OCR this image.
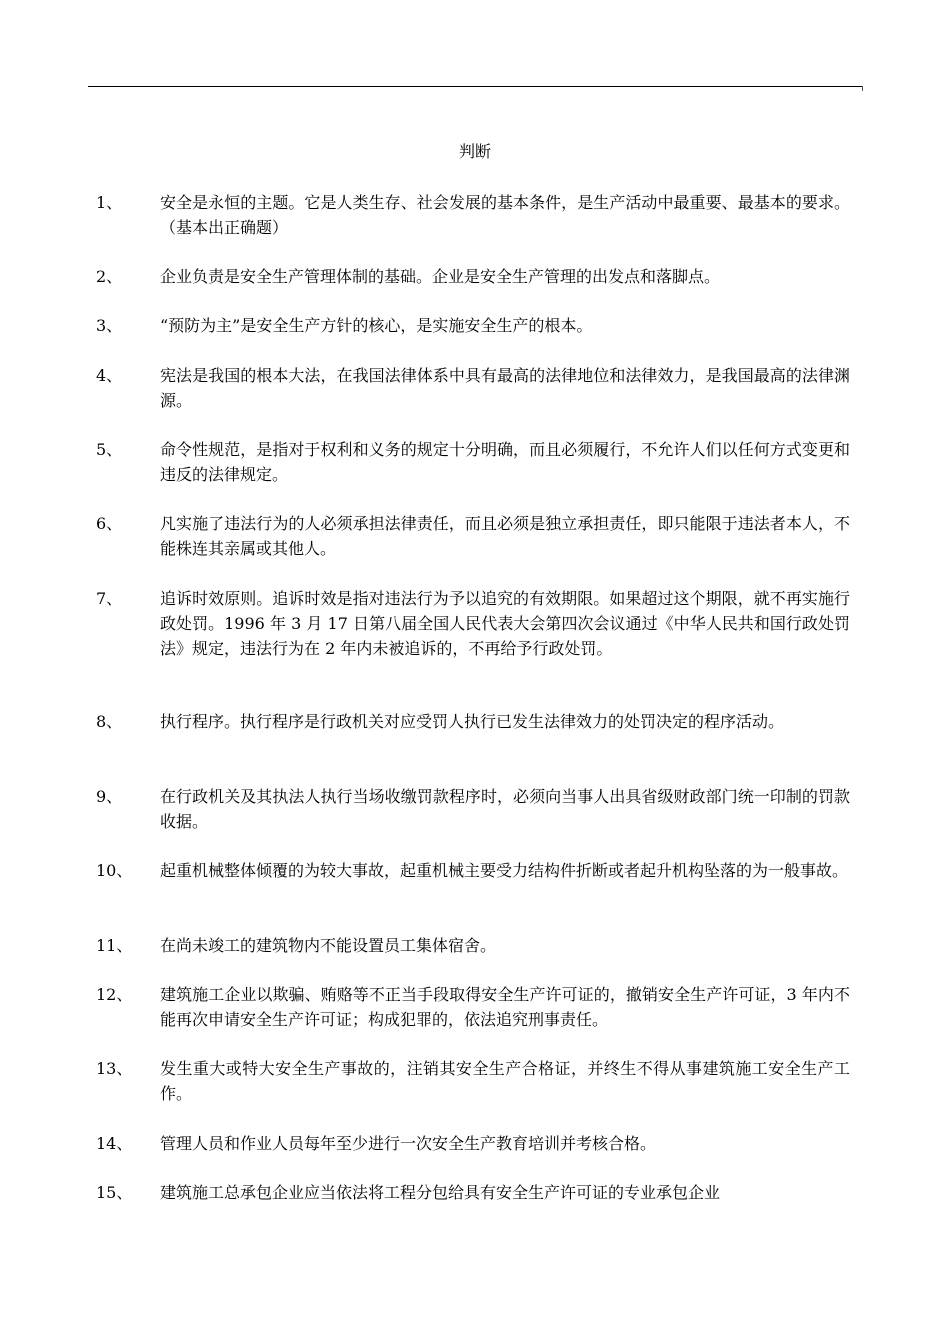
判断
1、	安全是永恒的主题。它是人类生存、社会发展的基本条件，是生产活动中最重要、最基本的要求。（基本出正确题）
2、	企业负责是安全生产管理体制的基础。企业是安全生产管理的出发点和落脚点。
3、	“预防为主”是安全生产方针的核心，是实施安全生产的根本。
4、	宪法是我国的根本大法，在我国法律体系中具有最高的法律地位和法律效力，是我国最高的法律渊源。
5、	命令性规范，是指对于权利和义务的规定十分明确，而且必须履行，不允许人们以任何方式变更和违反的法律规定。
6、	凡实施了违法行为的人必须承担法律责任，而且必须是独立承担责任，即只能限于违法者本人，不能株连其亲属或其他人。
7、	追诉时效原则。追诉时效是指对违法行为予以追究的有效期限。如果超过这个期限，就不再实施行政处罚。1996 年 3 月 17 日第八届全国人民代表大会第四次会议通过《中华人民共和国行政处罚法》规定，违法行为在 2 年内未被追诉的，不再给予行政处罚。
8、	执行程序。执行程序是行政机关对应受罚人执行已发生法律效力的处罚决定的程序活动。
9、	在行政机关及其执法人执行当场收缴罚款程序时，必须向当事人出具省级财政部门统一印制的罚款收据。
10、	起重机械整体倾覆的为较大事故，起重机械主要受力结构件折断或者起升机构坠落的为一般事故。
11、	在尚未竣工的建筑物内不能设置员工集体宿舍。
12、	建筑施工企业以欺骗、贿赂等不正当手段取得安全生产许可证的，撤销安全生产许可证，3 年内不能再次申请安全生产许可证；构成犯罪的，依法追究刑事责任。
13、	发生重大或特大安全生产事故的，注销其安全生产合格证，并终生不得从事建筑施工安全生产工作。
14、	管理人员和作业人员每年至少进行一次安全生产教育培训并考核合格。
15、	建筑施工总承包企业应当依法将工程分包给具有安全生产许可证的专业承包企业
